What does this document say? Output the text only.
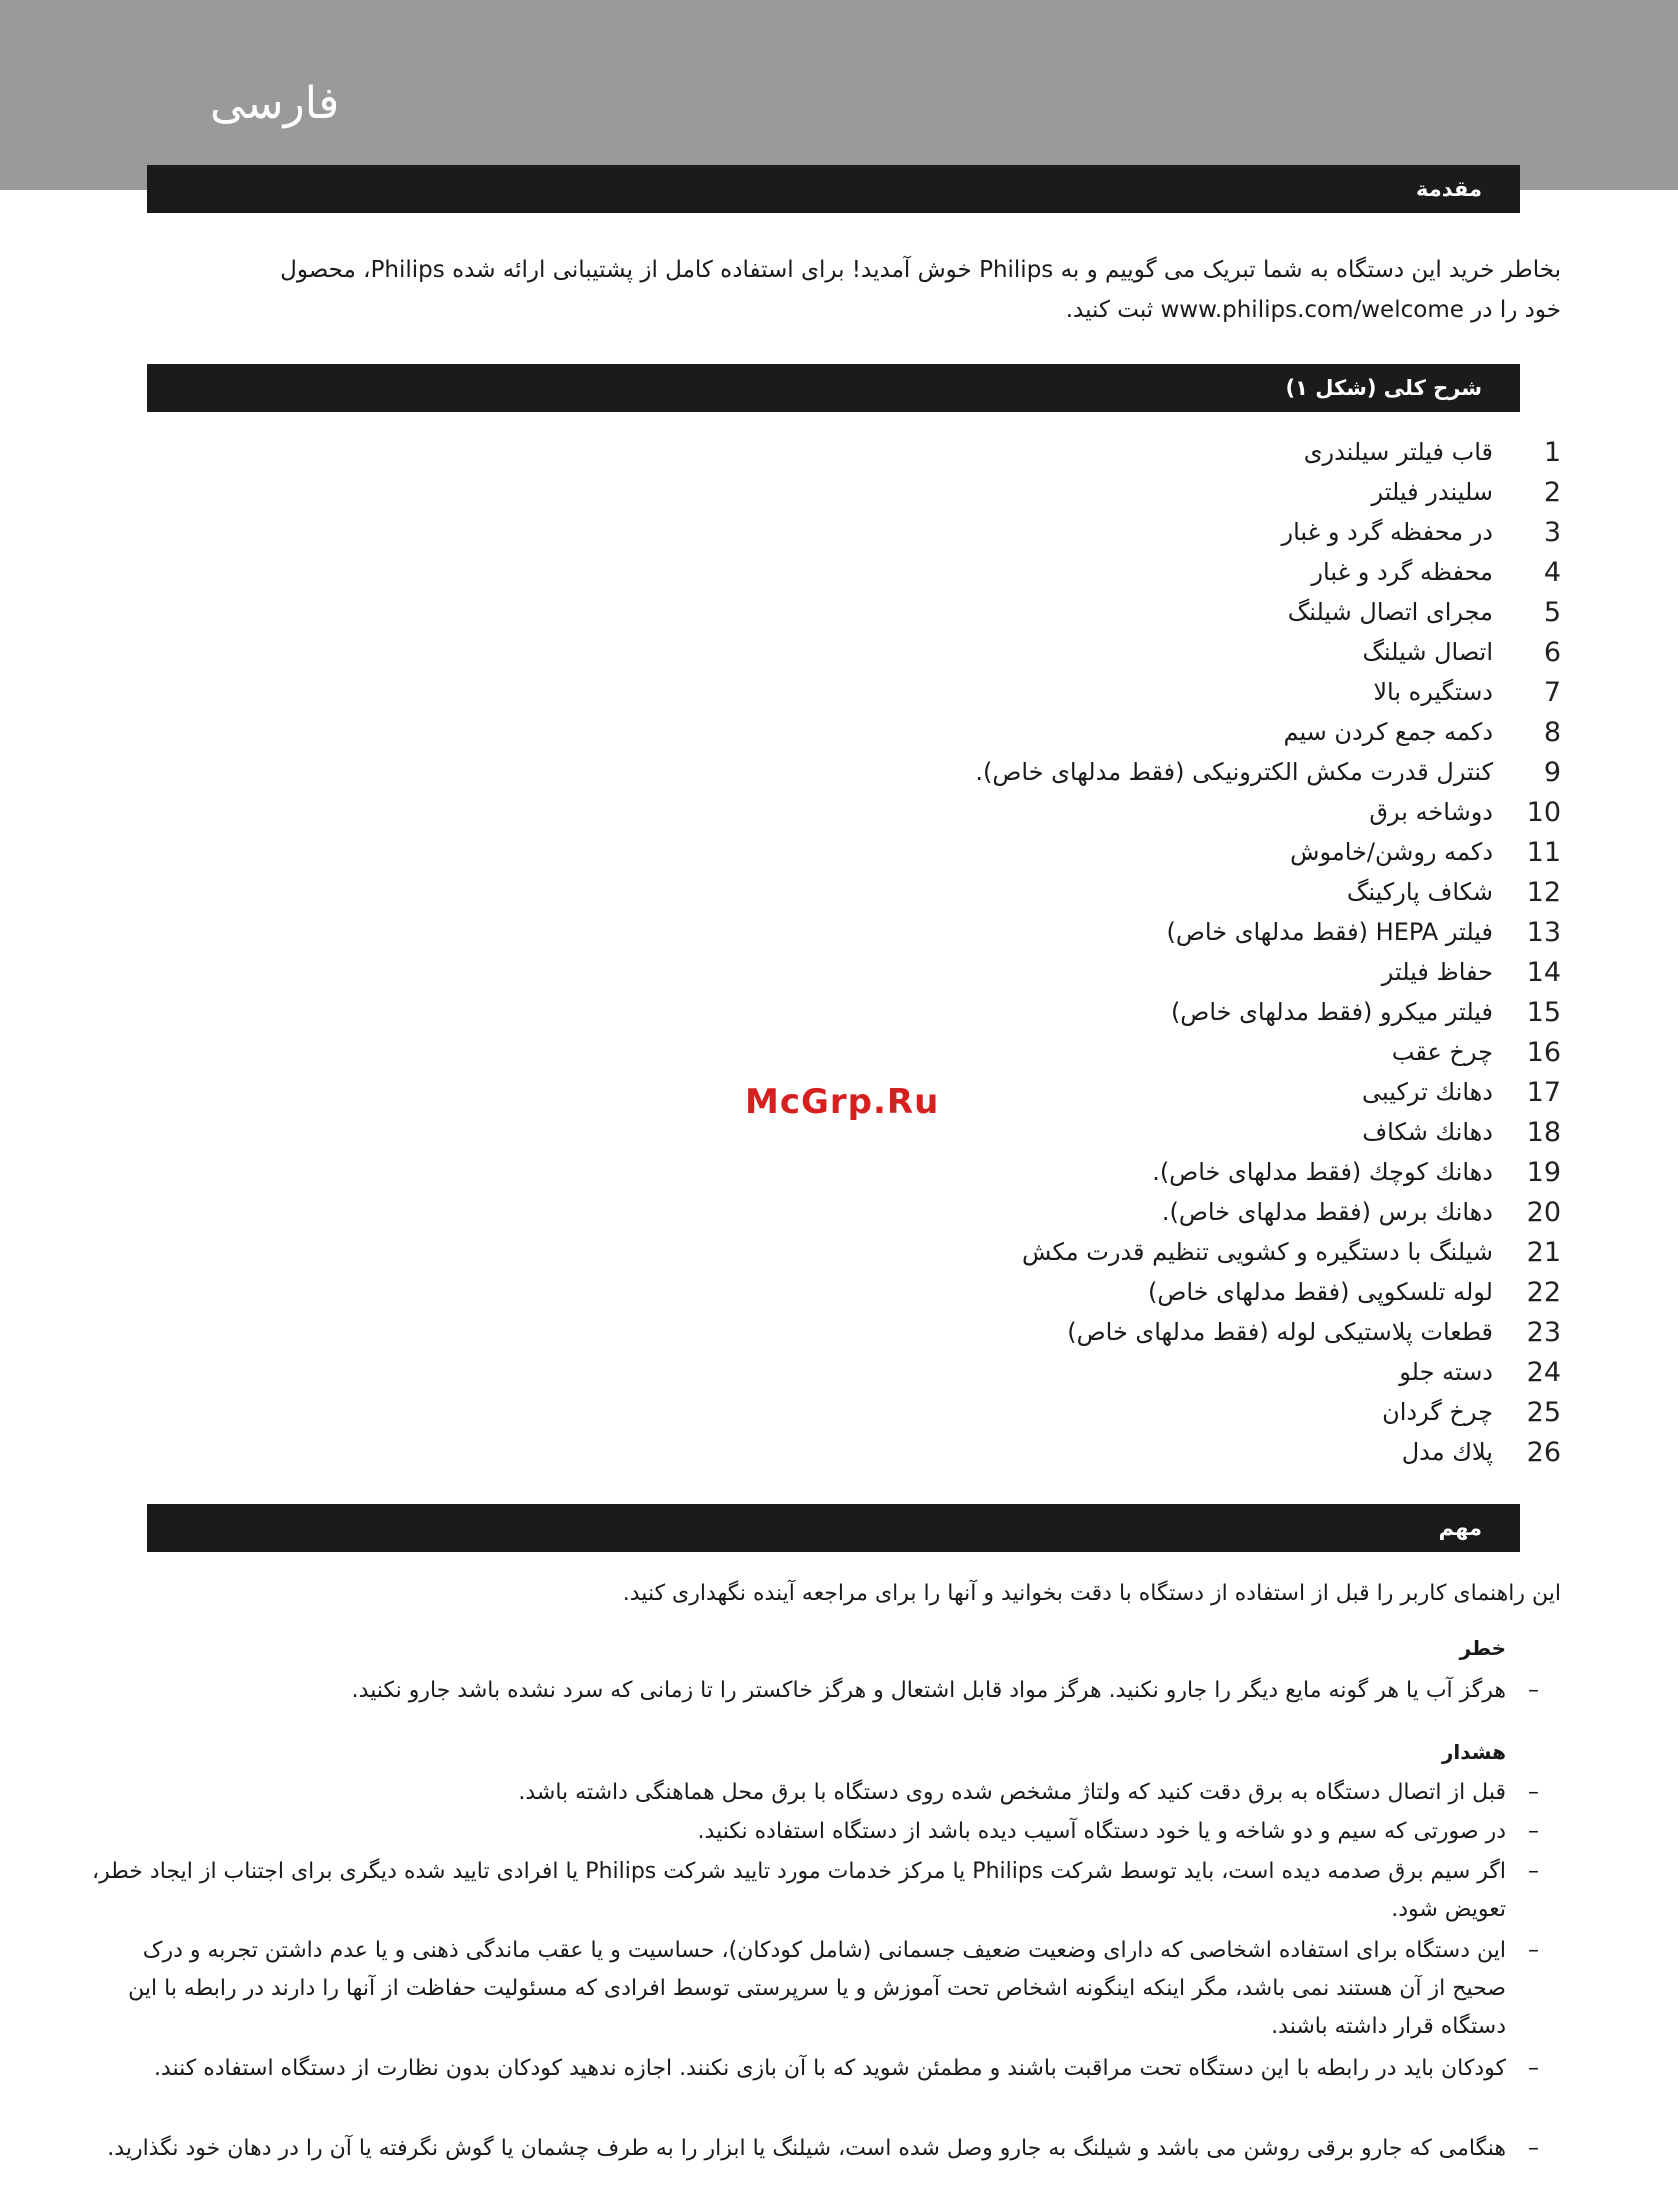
فارسی
مقدمة
بخاطر خرید این دستگاه به شما تبریک می گوییم و به Philips خوش آمدید! برای استفاده کامل از پشتیبانی ارائه شده Philips، محصول
خود را در www.philips.com/welcome ثبت کنید.
شرح کلی (شکل ۱)
1
قاب فیلتر سیلندری
2
سلیندر فیلتر
3
در محفظه گرد و غبار
4
محفظه گرد و غبار
5
مجرای اتصال شیلنگ
6
اتصال شیلنگ
7
دستگیره بالا
8
دکمه جمع کردن سیم
9
کنترل قدرت مکش الکترونیکی (فقط مدلهای خاص).
10
دوشاخه برق
11
دکمه روشن/خاموش
12
شکاف پارکینگ
13
فیلتر HEPA (فقط مدلهای خاص)
14
حفاظ فیلتر
15
فیلتر میکرو (فقط مدلهای خاص)
16
چرخ عقب
17
دهانك تركیبی
18
دهانك شكاف
19
دهانك كوچك (فقط مدلهای خاص).
20
دهانك برس (فقط مدلهای خاص).
21
شیلنگ با دستگیره و کشویی تنظیم قدرت مکش
22
لوله تلسکوپی (فقط مدلهای خاص)
23
قطعات پلاستیکی لوله (فقط مدلهای خاص)
24
دسته جلو
25
چرخ گردان
26
پلاك مدل
McGrp.Ru
مهم
این راهنمای کاربر را قبل از استفاده از دستگاه با دقت بخوانید و آنها را برای مراجعه آینده نگهداری کنید.
خطر
–
هرگز آب یا هر گونه مایع دیگر را جارو نکنید. هرگز مواد قابل اشتعال و هرگز خاکستر را تا زمانی که سرد نشده باشد جارو نکنید.
هشدار
–
قبل از اتصال دستگاه به برق دقت کنید که ولتاژ مشخص شده روی دستگاه با برق محل هماهنگی داشته باشد.
–
در صورتی که سیم و دو شاخه و یا خود دستگاه آسیب دیده باشد از دستگاه استفاده نکنید.
–
اگر سیم برق صدمه دیده است، باید توسط شرکت Philips یا مرکز خدمات مورد تایید شرکت Philips یا افرادی تایید شده دیگری برای اجتناب از ایجاد خطر، تعویض شود.
–
این دستگاه برای استفاده اشخاصی که دارای وضعیت ضعیف جسمانی (شامل کودکان)، حساسیت و یا عقب ماندگی ذهنی و یا عدم داشتن تجربه و درک صحیح از آن هستند نمی باشد، مگر اینکه اینگونه اشخاص تحت آموزش و یا سرپرستی توسط افرادی که مسئولیت حفاظت از آنها را دارند در رابطه با این دستگاه قرار داشته باشند.
–
کودکان باید در رابطه با این دستگاه تحت مراقبت باشند و مطمئن شوید که با آن بازی نکنند. اجازه ندهید کودکان بدون نظارت از دستگاه استفاده کنند.
–
هنگامی که جارو برقی روشن می باشد و شیلنگ به جارو وصل شده است، شیلنگ یا ابزار را به طرف چشمان یا گوش نگرفته یا آن را در دهان خود نگذارید.
